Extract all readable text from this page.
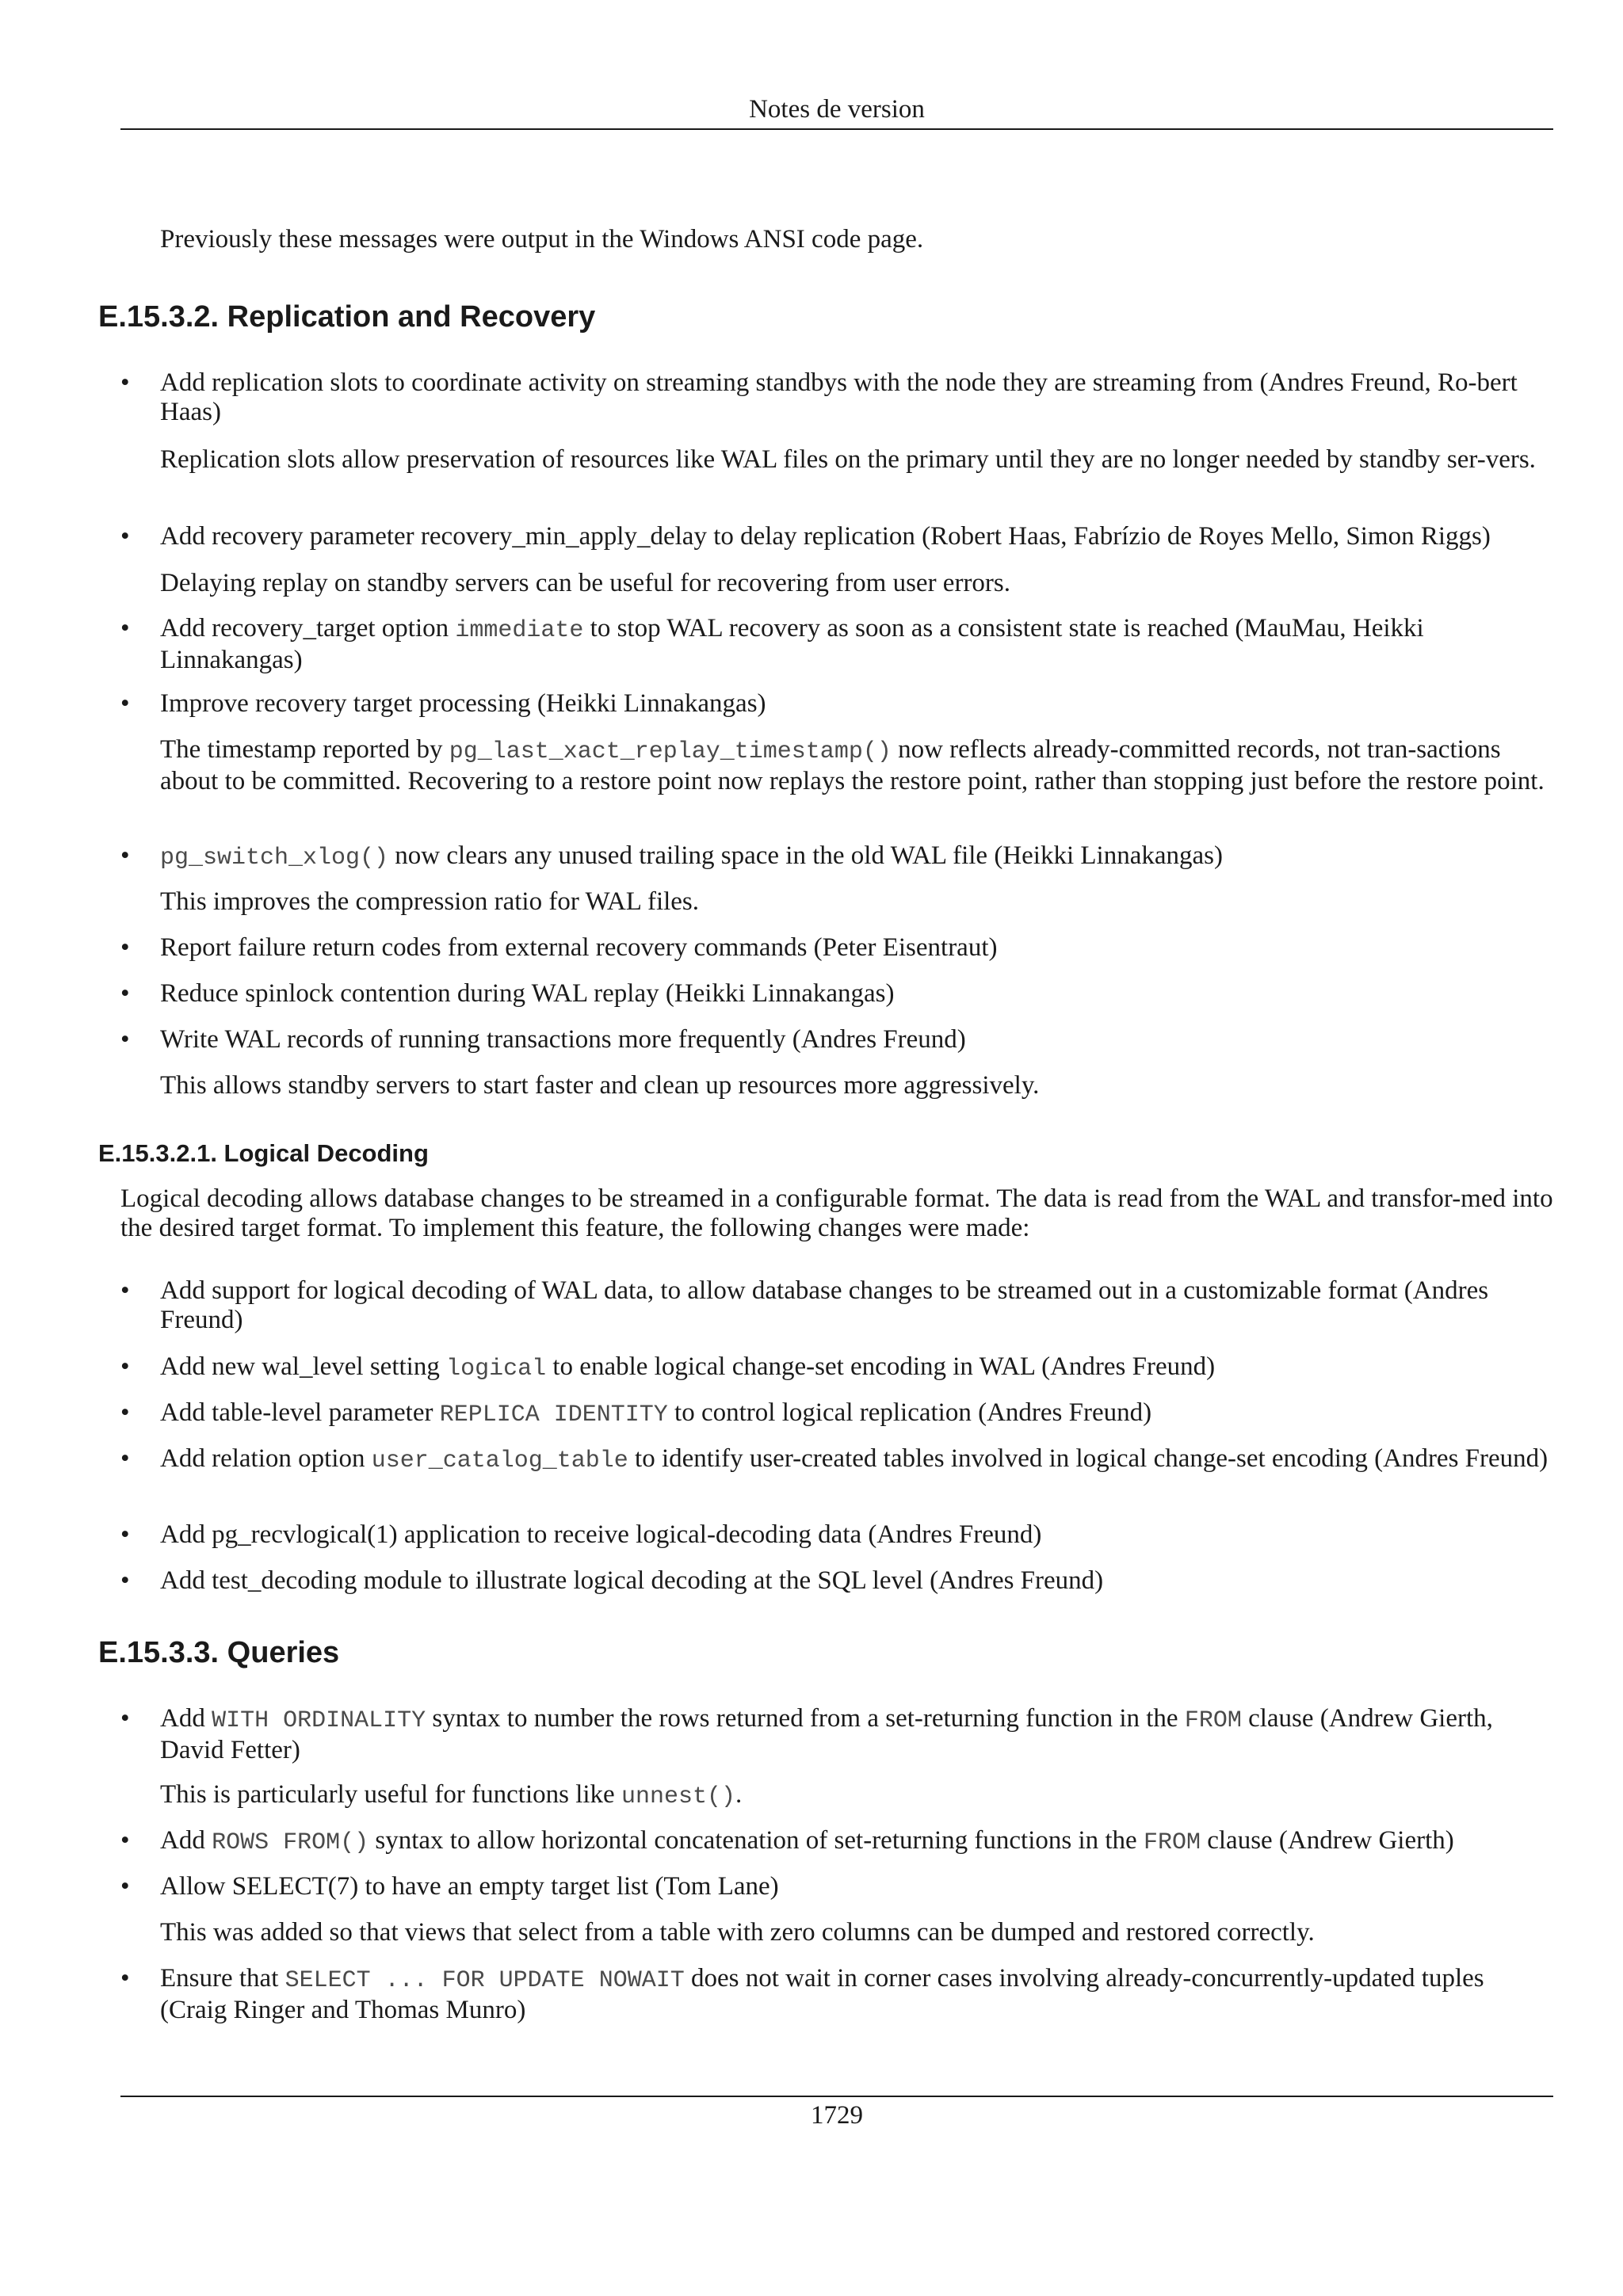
Notes de version
Previously these messages were output in the Windows ANSI code page.
E.15.3.2. Replication and Recovery
• Add replication slots to coordinate activity on streaming standbys with the node they are streaming from (Andres Freund, Ro-bert Haas)
Replication slots allow preservation of resources like WAL files on the primary until they are no longer needed by standby ser-vers.
• Add recovery parameter recovery_min_apply_delay to delay replication (Robert Haas, Fabrízio de Royes Mello, Simon Riggs)
Delaying replay on standby servers can be useful for recovering from user errors.
• Add recovery_target option immediate to stop WAL recovery as soon as a consistent state is reached (MauMau, Heikki Linnakangas)
• Improve recovery target processing (Heikki Linnakangas)
The timestamp reported by pg_last_xact_replay_timestamp() now reflects already-committed records, not tran-sactions about to be committed. Recovering to a restore point now replays the restore point, rather than stopping just before the restore point.
• pg_switch_xlog() now clears any unused trailing space in the old WAL file (Heikki Linnakangas)
This improves the compression ratio for WAL files.
• Report failure return codes from external recovery commands (Peter Eisentraut)
• Reduce spinlock contention during WAL replay (Heikki Linnakangas)
• Write WAL records of running transactions more frequently (Andres Freund)
This allows standby servers to start faster and clean up resources more aggressively.
E.15.3.2.1. Logical Decoding
Logical decoding allows database changes to be streamed in a configurable format. The data is read from the WAL and transfor-med into the desired target format. To implement this feature, the following changes were made:
• Add support for logical decoding of WAL data, to allow database changes to be streamed out in a customizable format (Andres Freund)
• Add new wal_level setting logical to enable logical change-set encoding in WAL (Andres Freund)
• Add table-level parameter REPLICA IDENTITY to control logical replication (Andres Freund)
• Add relation option user_catalog_table to identify user-created tables involved in logical change-set encoding (Andres Freund)
• Add pg_recvlogical(1) application to receive logical-decoding data (Andres Freund)
• Add test_decoding module to illustrate logical decoding at the SQL level (Andres Freund)
E.15.3.3. Queries
• Add WITH ORDINALITY syntax to number the rows returned from a set-returning function in the FROM clause (Andrew Gierth, David Fetter)
This is particularly useful for functions like unnest().
• Add ROWS FROM() syntax to allow horizontal concatenation of set-returning functions in the FROM clause (Andrew Gierth)
• Allow SELECT(7) to have an empty target list (Tom Lane)
This was added so that views that select from a table with zero columns can be dumped and restored correctly.
• Ensure that SELECT ... FOR UPDATE NOWAIT does not wait in corner cases involving already-concurrently-updated tuples (Craig Ringer and Thomas Munro)
1729
